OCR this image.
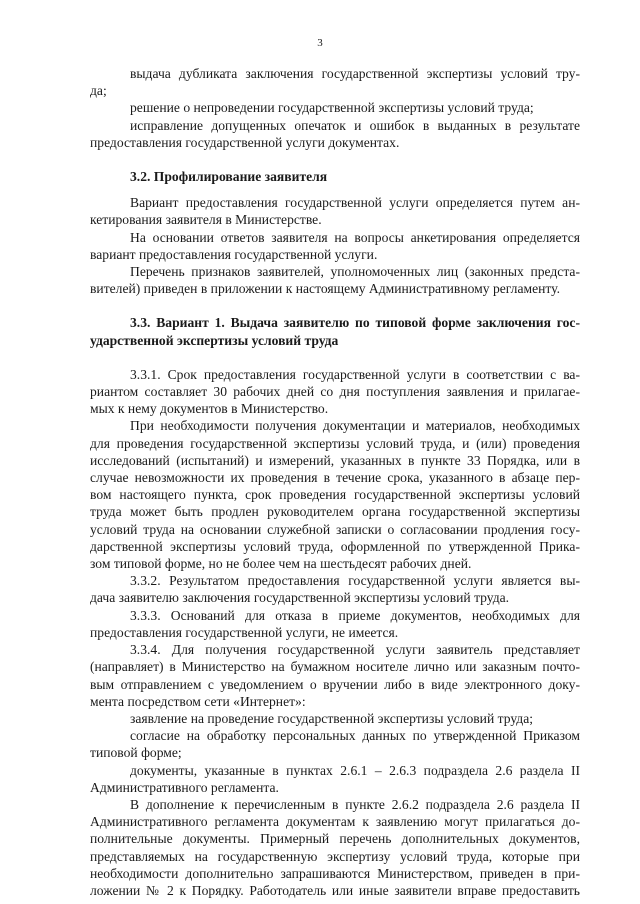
3

выдача дубликата заключения государственной экспертизы условий тру-

да;

решение о непроведении государственной экспертизы условий труда;

исправление допущенных опечаток и ошибок в выданных в результате

предоставления государственной услуги документах.

3.2. Профилирование заявителя

Вариант предоставления государственной услуги определяется путем ан-

кетирования заявителя в Министерстве.

На основании ответов заявителя на вопросы анкетирования определяется

вариант предоставления государственной услуги.

Перечень признаков заявителей, уполномоченных лиц (законных предста-

вителей) приведен в приложении к настоящему Административному регламенту.

3.3. Вариант 1. Выдача заявителю по типовой форме заключения гос-
ударственной экспертизы условий труда

3.3.1. Срок предоставления государственной услуги в соответствии с ва-

риантом составляет 30 рабочих дней со дня поступления заявления и прилагае-

мых к нему документов в Министерство.

При необходимости получения документации и материалов, необходимых

для проведения государственной экспертизы условий труда, и (или) проведения

исследований (испытаний) и измерений, указанных в пункте 33 Порядка, или в

случае невозможности их проведения в течение срока, указанного в абзаце пер-

вом настоящего пункта, срок проведения государственной экспертизы условий

труда может быть продлен руководителем органа государственной экспертизы

условий труда на основании служебной записки о согласовании продления госу-

дарственной экспертизы условий труда, оформленной по утвержденной Прика-

зом типовой форме, но не более чем на шестьдесят рабочих дней.

3.3.2. Результатом предоставления государственной услуги является вы-

дача заявителю заключения государственной экспертизы условий труда.

3.3.3. Оснований для отказа в приеме документов, необходимых для

предоставления государственной услуги, не имеется.

3.3.4. Для получения государственной услуги заявитель представляет

(направляет) в Министерство на бумажном носителе лично или заказным почто-

вым отправлением с уведомлением о вручении либо в виде электронного доку-

мента посредством сети «Интернет»:

заявление на проведение государственной экспертизы условий труда;

согласие на обработку персональных данных по утвержденной Приказом

типовой форме;

документы, указанные в пунктах 2.6.1 – 2.6.3 подраздела 2.6 раздела II

Административного регламента.

В дополнение к перечисленным в пункте 2.6.2 подраздела 2.6 раздела II

Административного регламента документам к заявлению могут прилагаться до-

полнительные документы. Примерный перечень дополнительных документов,

представляемых на государственную экспертизу условий труда, которые при

необходимости дополнительно запрашиваются Министерством, приведен в при-

ложении № 2 к Порядку. Работодатель или иные заявители вправе предоставить
